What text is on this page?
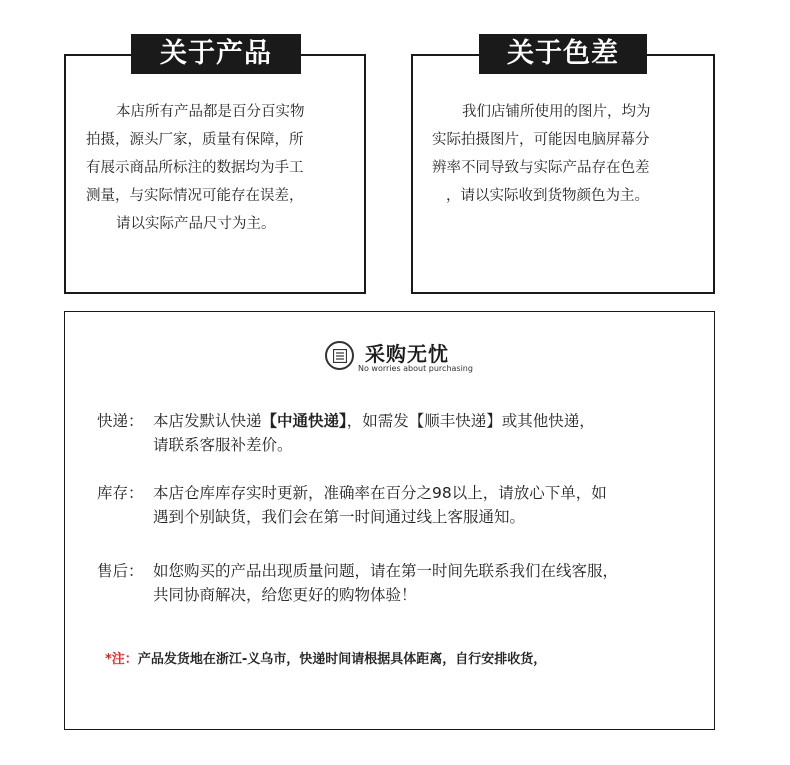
关于产品

本店所有产品都是百分百实物

拍摄，源头厂家，质量有保障，所

有展示商品所标注的数据均为手工

测量，与实际情况可能存在误差，

请以实际产品尺寸为主。

关于色差

我们店铺所使用的图片，均为

实际拍摄图片，可能因电脑屏幕分

辨率不同导致与实际产品存在色差

，请以实际收到货物颜色为主。

采购无忧
No worries about purchasing
快递： 本店发默认快递【中通快递】，如需发【顺丰快递】或其他快递，
请联系客服补差价。
库存： 本店仓库库存实时更新，准确率在百分之98以上，请放心下单，如
遇到个别缺货，我们会在第一时间通过线上客服通知。
售后： 如您购买的产品出现质量问题，请在第一时间先联系我们在线客服，
共同协商解决，给您更好的购物体验！
*注：产品发货地在浙江-义乌市，快递时间请根据具体距离，自行安排收货，
